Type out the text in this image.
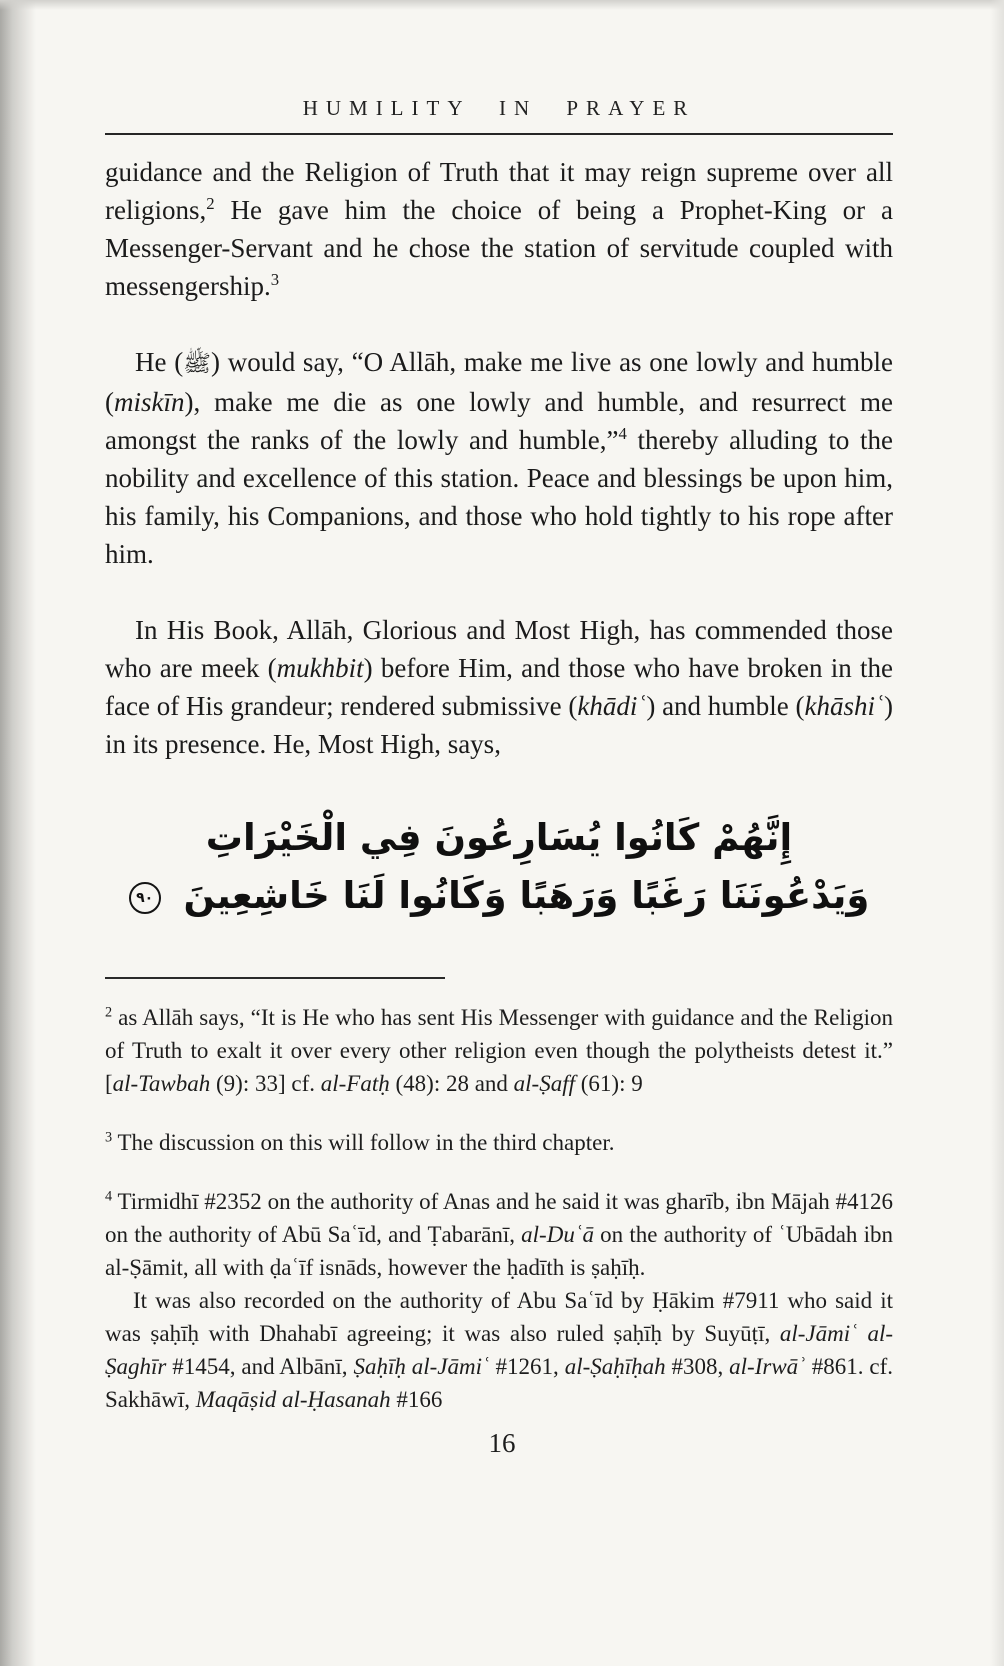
HUMILITY IN PRAYER

guidance and the Religion of Truth that it may reign supreme over all religions,$^2$ He gave him the choice of being a Prophet-King or a Messenger-Servant and he chose the station of servitude coupled with messengership.$^3$

He (ﷺ) would say, “O Allāh, make me live as one lowly and humble (miskīn), make me die as one lowly and humble, and resurrect me amongst the ranks of the lowly and humble,”$^4$ thereby alluding to the nobility and excellence of this station. Peace and blessings be upon him, his family, his Companions, and those who hold tightly to his rope after him.

In His Book, Allāh, Glorious and Most High, has commended those who are meek (mukhbit) before Him, and those who have broken in the face of His grandeur; rendered submissive (khādiʿ) and humble (khāshiʿ) in its presence. He, Most High, says,

إِنَّهُمْ كَانُوا يُسَارِعُونَ فِي الْخَيْرَاتِ
وَيَدْعُونَنَا رَغَبًا وَرَهَبًا وَكَانُوا لَنَا خَاشِعِينَ ٩٠

$^2$ as Allāh says, “It is He who has sent His Messenger with guidance and the Religion of Truth to exalt it over every other religion even though the polytheists detest it.” [al-Tawbah (9): 33] cf. al-Fatḥ (48): 28 and al-Ṣaff (61): 9

$^3$ The discussion on this will follow in the third chapter.

$^4$ Tirmidhī #2352 on the authority of Anas and he said it was gharīb, ibn Mājah #4126 on the authority of Abū Saʿīd, and Ṭabarānī, al-Duʿā on the authority of ʿUbādah ibn al-Ṣāmit, all with ḍaʿīf isnāds, however the ḥadīth is ṣaḥīḥ.

It was also recorded on the authority of Abu Saʿīd by Ḥākim #7911 who said it was ṣaḥīḥ with Dhahabī agreeing; it was also ruled ṣaḥīḥ by Suyūṭī, al-Jāmiʿ al-Ṣaghīr #1454, and Albānī, Ṣaḥīḥ al-Jāmiʿ #1261, al-Ṣaḥīḥah #308, al-Irwāʾ #861. cf. Sakhāwī, Maqāṣid al-Ḥasanah #166

16
